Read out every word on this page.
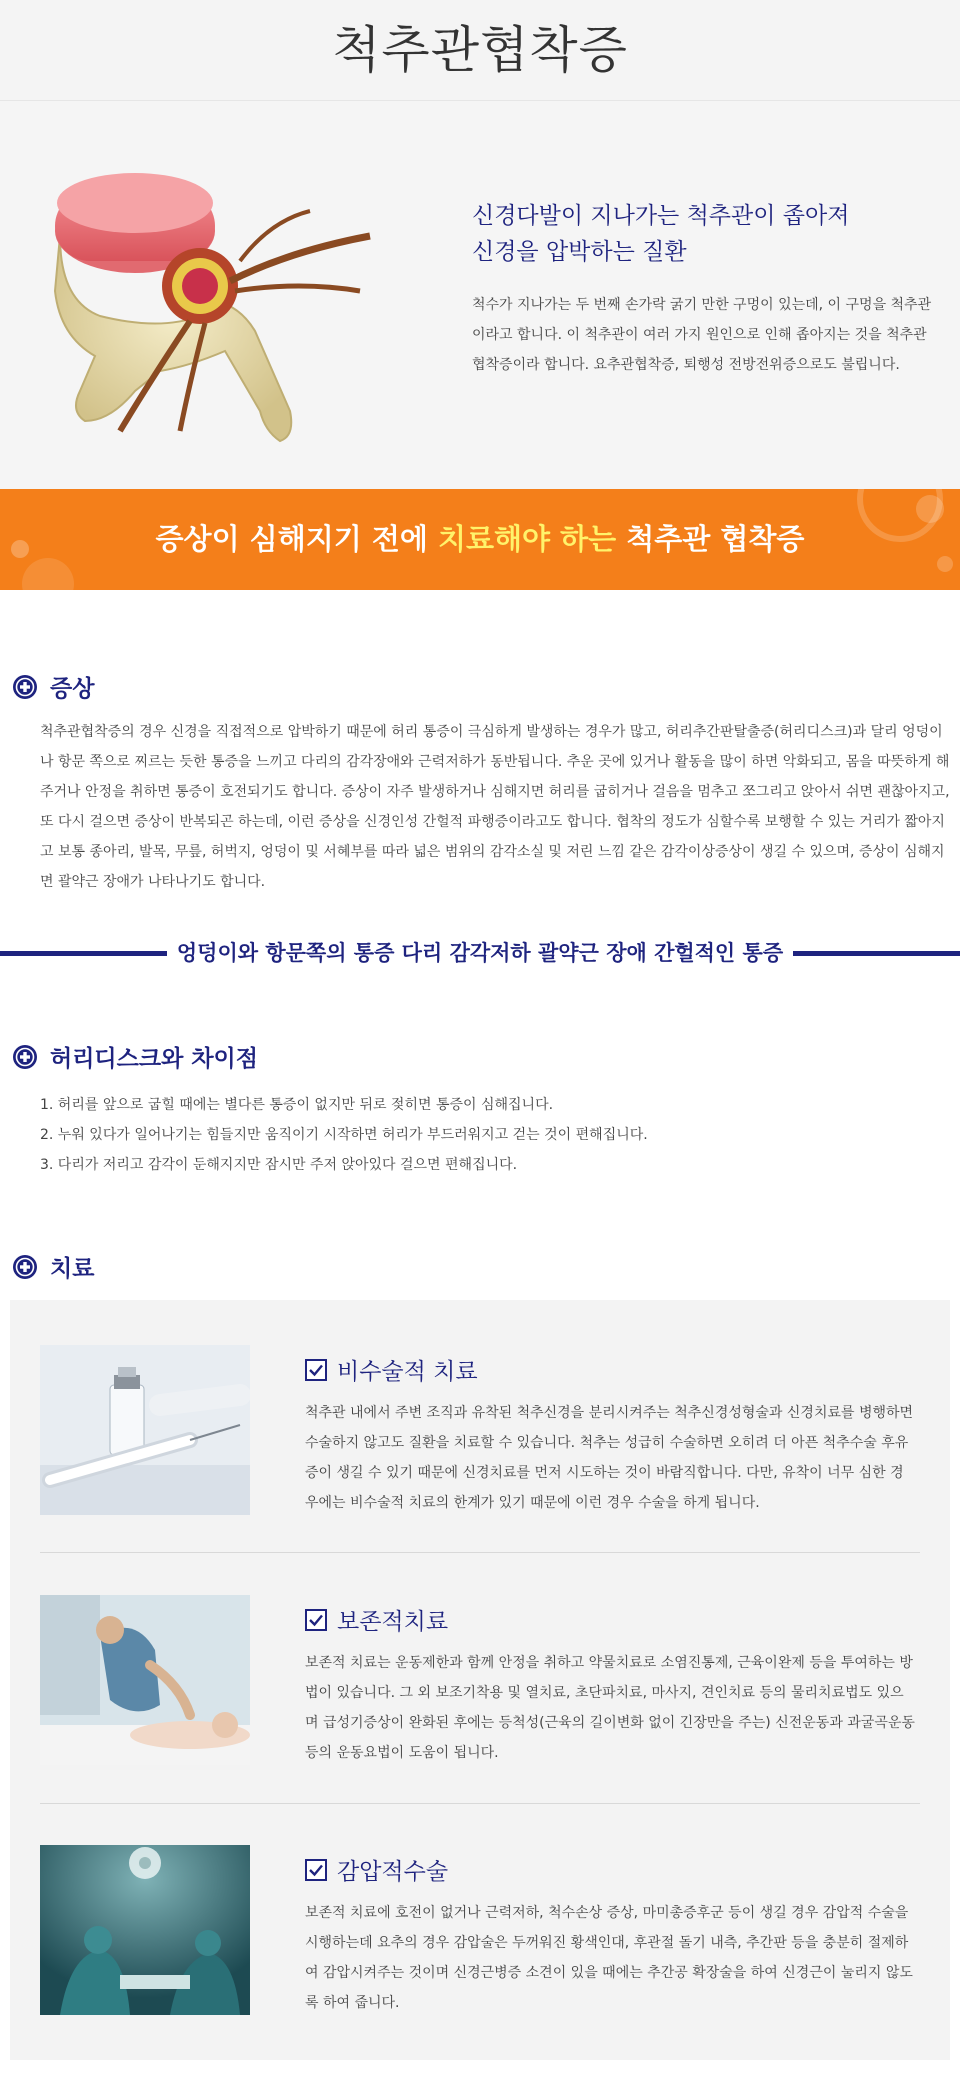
척추관협착증

신경다발이 지나가는 척추관이 좁아져
신경을 압박하는 질환

척수가 지나가는 두 번째 손가락 굵기 만한 구멍이 있는데, 이 구멍을 척추관이라고 합니다. 이 척추관이 여러 가지 원인으로 인해 좁아지는 것을 척추관 협착증이라 합니다. 요추관협착증, 퇴행성 전방전위증으로도 불립니다.

증상이 심해지기 전에 치료해야 하는 척추관 협착증
증상

척추관협착증의 경우 신경을 직접적으로 압박하기 때문에 허리 통증이 극심하게 발생하는 경우가 많고, 허리추간판탈출증(허리디스크)과 달리 엉덩이나 항문 쪽으로 찌르는 듯한 통증을 느끼고 다리의 감각장애와 근력저하가 동반됩니다. 추운 곳에 있거나 활동을 많이 하면 악화되고, 몸을 따뜻하게 해주거나 안정을 취하면 통증이 호전되기도 합니다. 증상이 자주 발생하거나 심해지면 허리를 굽히거나 걸음을 멈추고 쪼그리고 앉아서 쉬면 괜찮아지고, 또 다시 걸으면 증상이 반복되곤 하는데, 이런 증상을 신경인성 간헐적 파행증이라고도 합니다. 협착의 정도가 심할수록 보행할 수 있는 거리가 짧아지고 보통 종아리, 발목, 무릎, 허벅지, 엉덩이 및 서혜부를 따라 넓은 범위의 감각소실 및 저린 느낌 같은 감각이상증상이 생길 수 있으며, 증상이 심해지면 괄약근 장애가 나타나기도 합니다.

엉덩이와 항문쪽의 통증 다리 감각저하 괄약근 장애 간헐적인 통증
허리디스크와 차이점
1. 허리를 앞으로 굽힐 때에는 별다른 통증이 없지만 뒤로 젖히면 통증이 심해집니다.
2. 누워 있다가 일어나기는 힘들지만 움직이기 시작하면 허리가 부드러워지고 걷는 것이 편해집니다.
3. 다리가 저리고 감각이 둔해지지만 잠시만 주저 앉아있다 걸으면 편해집니다.
치료
비수술적 치료

척추관 내에서 주변 조직과 유착된 척추신경을 분리시켜주는 척추신경성형술과 신경치료를 병행하면 수술하지 않고도 질환을 치료할 수 있습니다. 척추는 성급히 수술하면 오히려 더 아픈 척추수술 후유증이 생길 수 있기 때문에 신경치료를 먼저 시도하는 것이 바람직합니다. 다만, 유착이 너무 심한 경우에는 비수술적 치료의 한계가 있기 때문에 이런 경우 수술을 하게 됩니다.

보존적치료

보존적 치료는 운동제한과 함께 안정을 취하고 약물치료로 소염진통제, 근육이완제 등을 투여하는 방법이 있습니다. 그 외 보조기착용 및 열치료, 초단파치료, 마사지, 견인치료 등의 물리치료법도 있으며 급성기증상이 완화된 후에는 등척성(근육의 길이변화 없이 긴장만을 주는) 신전운동과 과굴곡운동 등의 운동요법이 도움이 됩니다.

감압적수술

보존적 치료에 호전이 없거나 근력저하, 척수손상 증상, 마미총증후군 등이 생길 경우 감압적 수술을 시행하는데 요추의 경우 감압술은 두꺼워진 황색인대, 후관절 돌기 내측, 추간판 등을 충분히 절제하여 감압시켜주는 것이며 신경근병증 소견이 있을 때에는 추간공 확장술을 하여 신경근이 눌리지 않도록 하여 줍니다.
